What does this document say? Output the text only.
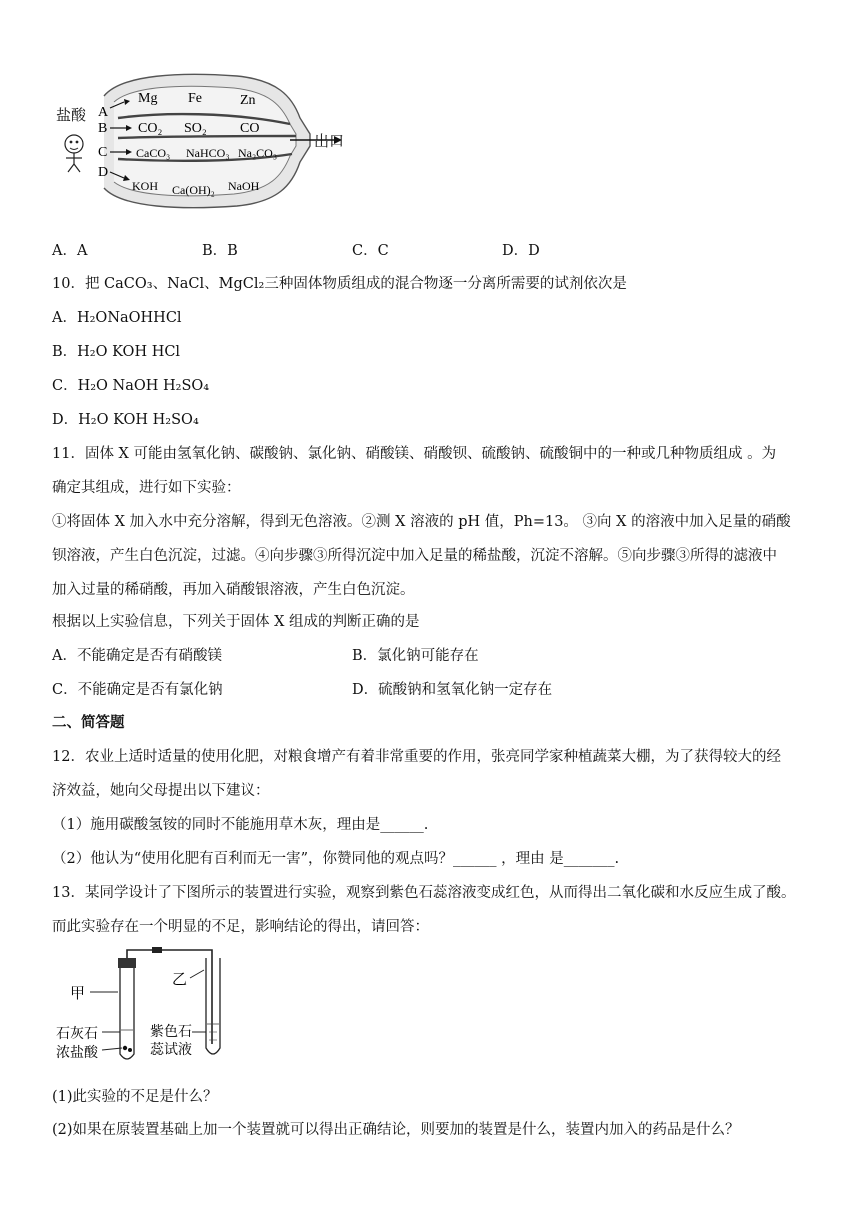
出口
盐酸 A
B
C
D
Mg Fe	Zn
CO₂ SO₂ CO
CaCO₃ NaHCO₃ Na₂CO₃
KOH Ca(OH)₂ NaOH
A．A	B．B	C．C	D．D
10．把 CaCO₃、NaCl、MgCl₂三种固体物质组成的混合物逐一分离所需要的试剂依次是
A．H₂ONaOHHCl
B．H₂O KOH HCl
C．H₂O NaOH H₂SO₄
D．H₂O KOH H₂SO₄
11．固体 X 可能由氢氧化钠、碳酸钠、氯化钠、硝酸镁、硝酸钡、硫酸钠、硫酸铜中的一种或几种物质组成 。为
确定其组成，进行如下实验：
①将固体 X 加入水中充分溶解，得到无色溶液。②测 X 溶液的 pH 值，Ph=13。 ③向 X 的溶液中加入足量的硝酸
钡溶液，产生白色沉淀，过滤。④向步骤③所得沉淀中加入足量的稀盐酸，沉淀不溶解。⑤向步骤③所得的滤液中
加入过量的稀硝酸，再加入硝酸银溶液，产生白色沉淀。
根据以上实验信息，下列关于固体 X 组成的判断正确的是
A．不能确定是否有硝酸镁	B．氯化钠可能存在
C．不能确定是否有氯化钠	D．硫酸钠和氢氧化钠一定存在
二、简答题
12．农业上适时适量的使用化肥，对粮食增产有着非常重要的作用，张亮同学家种植蔬菜大棚，为了获得较大的经
济效益，她向父母提出以下建议：
（1）施用碳酸氢铵的同时不能施用草木灰，理由是______.
（2）他认为“使用化肥有百利而无一害”，你赞同他的观点吗？______ ，理由 是_______.
13．某同学设计了下图所示的装置进行实验，观察到紫色石蕊溶液变成红色，从而得出二氧化碳和水反应生成了酸。
而此实验存在一个明显的不足，影响结论的得出，请回答：
甲
乙
石灰石
浓盐酸
紫色石
蕊试液
(1)此实验的不足是什么？
(2)如果在原装置基础上加一个装置就可以得出正确结论，则要加的装置是什么，装置内加入的药品是什么？
